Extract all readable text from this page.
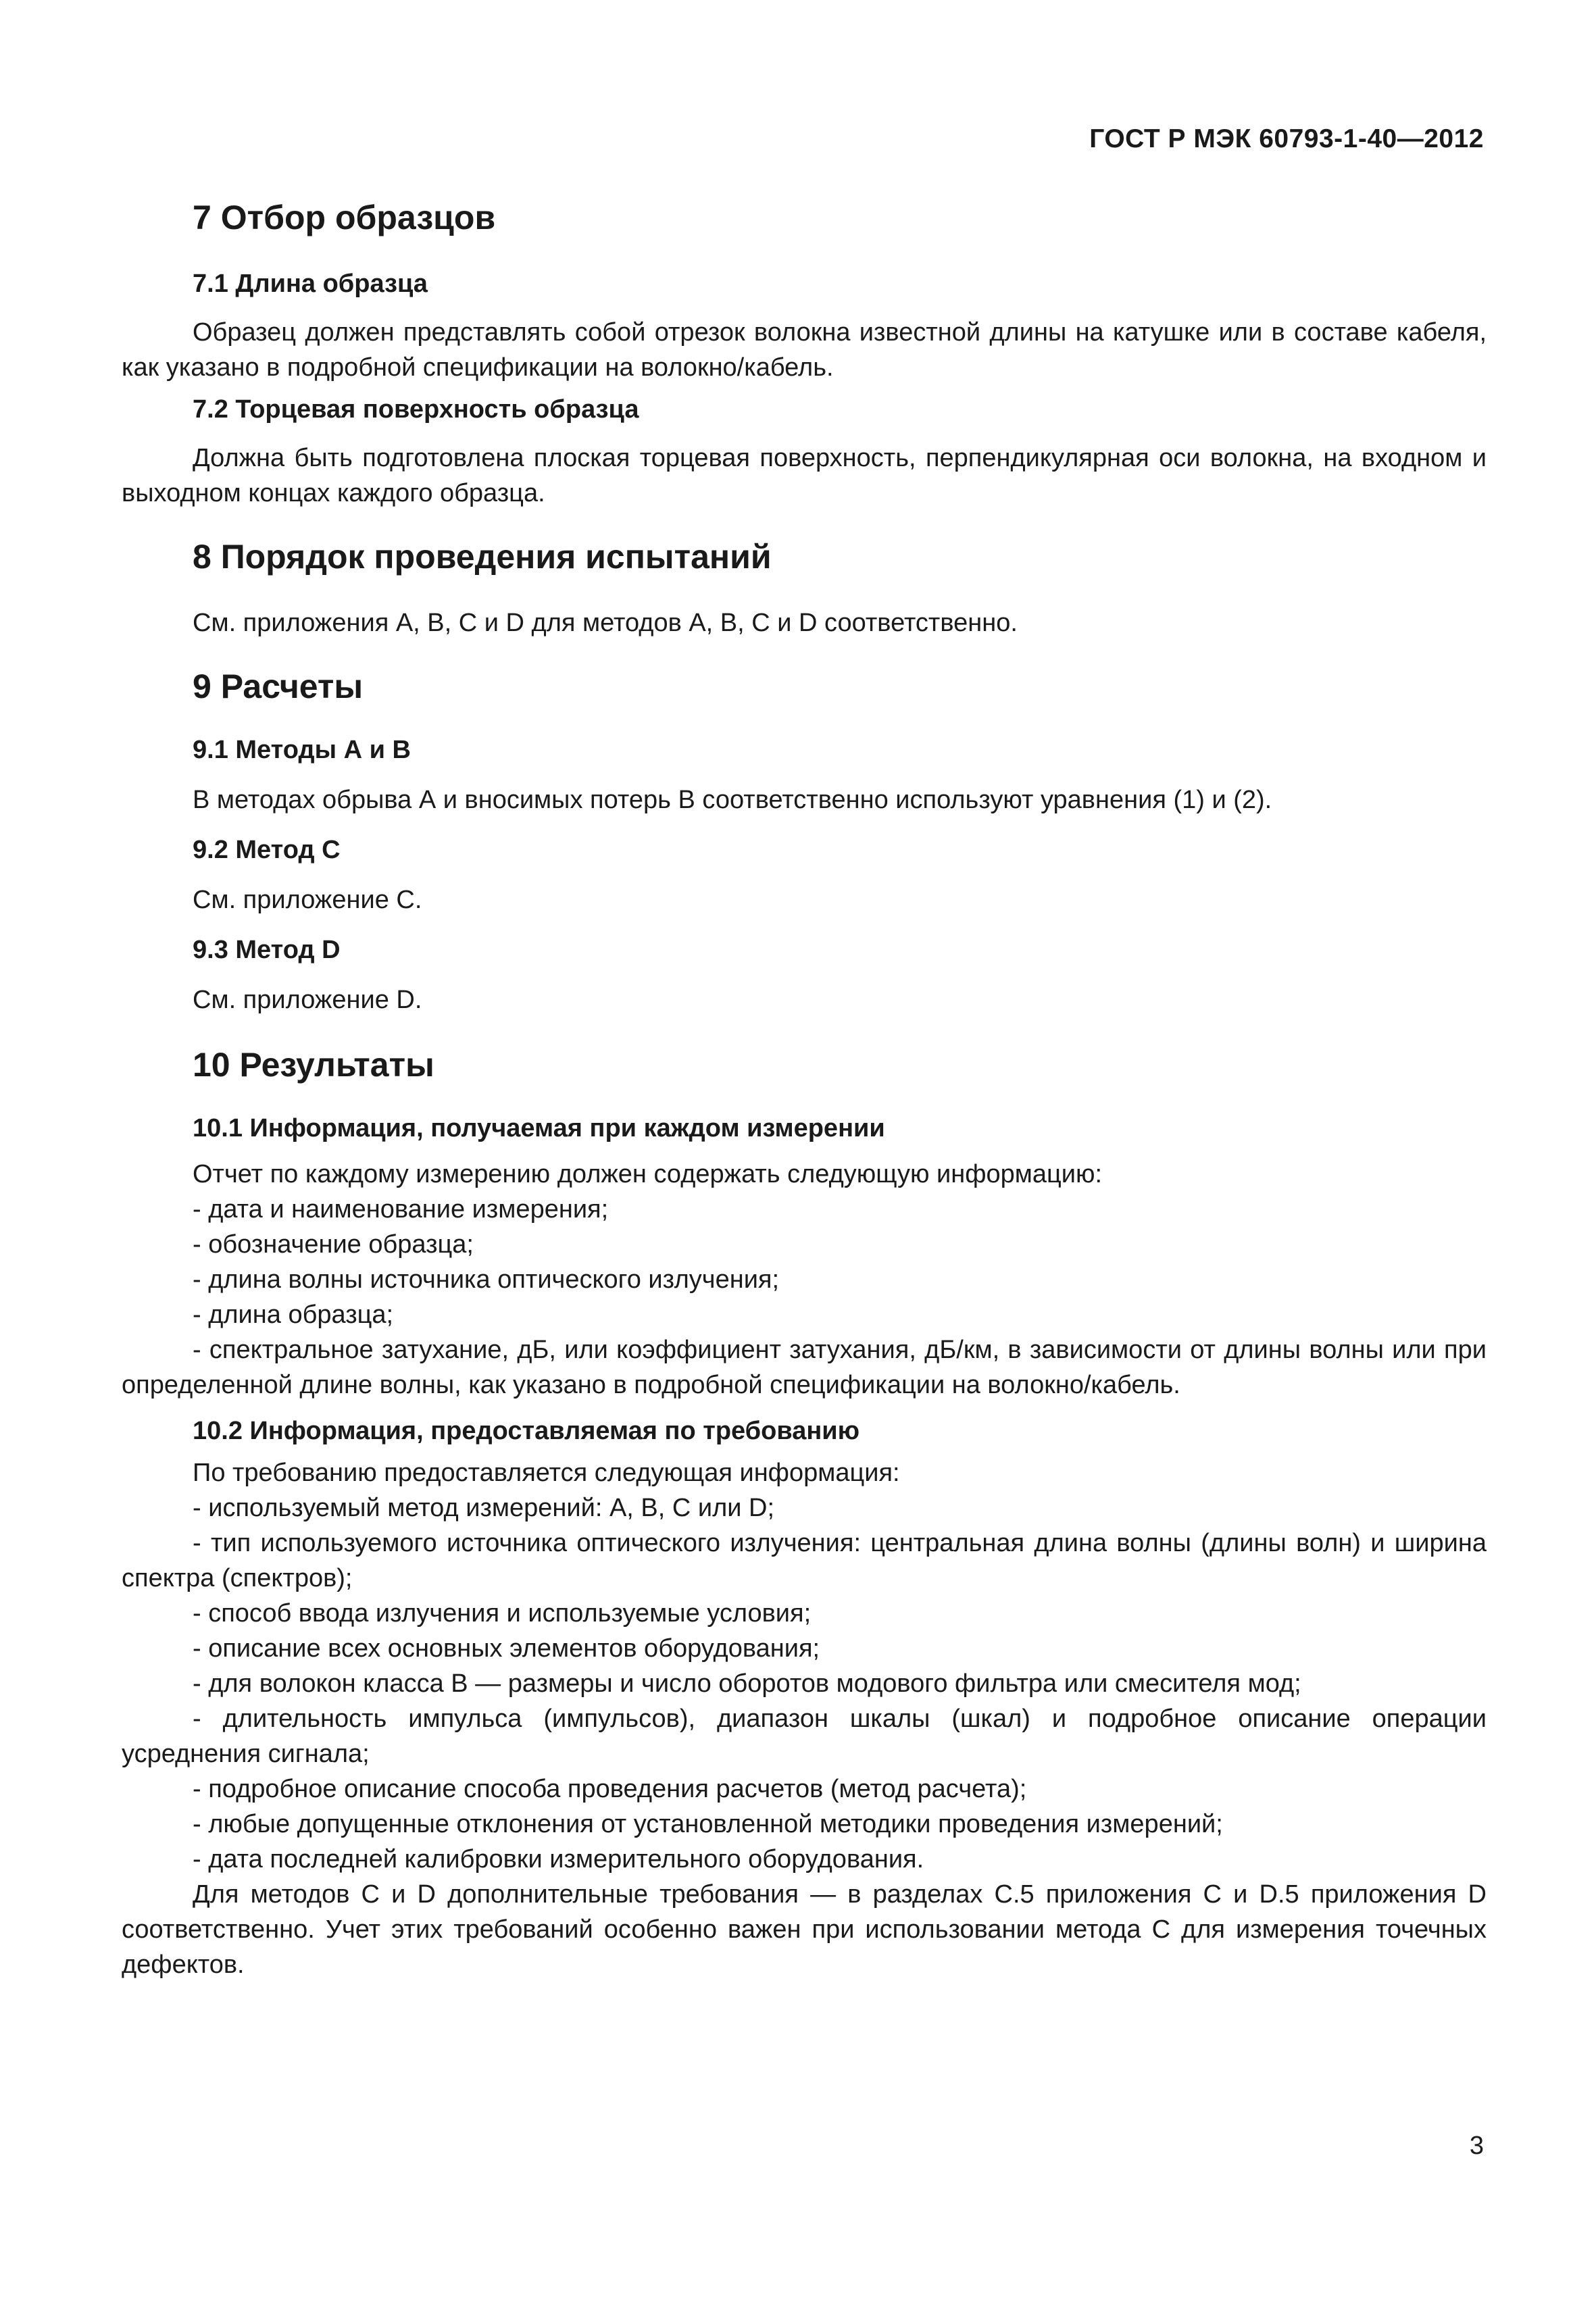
ГОСТ Р МЭК 60793-1-40—2012
7 Отбор образцов
7.1 Длина образца

Образец должен представлять собой отрезок волокна известной длины на катушке или в составе кабеля, как указано в подробной спецификации на волокно/кабель.

7.2 Торцевая поверхность образца

Должна быть подготовлена плоская торцевая поверхность, перпендикулярная оси волокна, на входном и выходном концах каждого образца.

8 Порядок проведения испытаний

См. приложения А, В, С и D для методов А, В, С и D соответственно.

9 Расчеты
9.1 Методы А и В

В методах обрыва А и вносимых потерь В соответственно используют уравнения (1) и (2).

9.2 Метод С

См. приложение С.

9.3 Метод D

См. приложение D.

10 Результаты
10.1 Информация, получаемая при каждом измерении

Отчет по каждому измерению должен содержать следующую информацию:

- дата и наименование измерения;

- обозначение образца;

- длина волны источника оптического излучения;

- длина образца;

- спектральное затухание, дБ, или коэффициент затухания, дБ/км, в зависимости от длины волны или при определенной длине волны, как указано в подробной спецификации на волокно/кабель.

10.2 Информация, предоставляемая по требованию

По требованию предоставляется следующая информация:

- используемый метод измерений: А, В, С или D;

- тип используемого источника оптического излучения: центральная длина волны (длины волн) и ширина спектра (спектров);

- способ ввода излучения и используемые условия;

- описание всех основных элементов оборудования;

- для волокон класса В — размеры и число оборотов модового фильтра или смесителя мод;

- длительность импульса (импульсов), диапазон шкалы (шкал) и подробное описание операции усреднения сигнала;

- подробное описание способа проведения расчетов (метод расчета);

- любые допущенные отклонения от установленной методики проведения измерений;

- дата последней калибровки измерительного оборудования.

Для методов С и D дополнительные требования — в разделах С.5 приложения С и D.5 приложения D соответственно. Учет этих требований особенно важен при использовании метода С для измерения точечных дефектов.

3
